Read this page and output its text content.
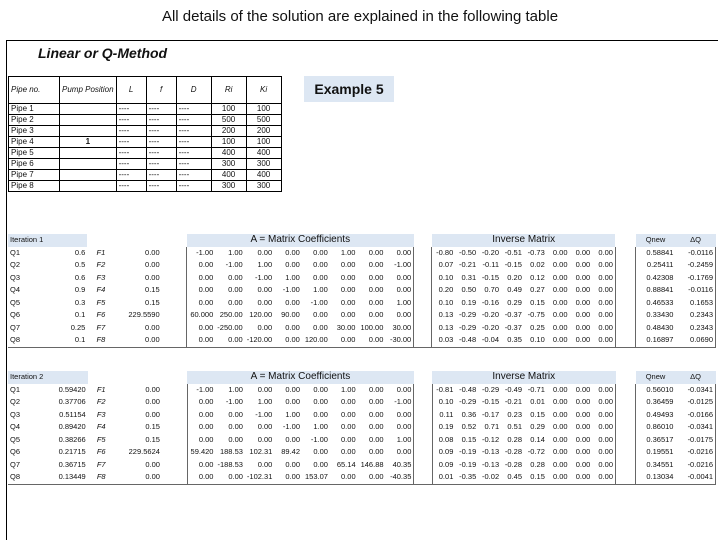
All details of the solution are explained in the following table
Linear or Q-Method
Example 5
Pipe no.	Pump Position	L	f	D	Ri	Ki
Pipe 1		----	----	----	100	100
Pipe 2		----	----	----	500	500
Pipe 3		----	----	----	200	200
Pipe 4	1	----	----	----	100	100
Pipe 5		----	----	----	400	400
Pipe 6		----	----	----	300	300
Pipe 7		----	----	----	400	400
Pipe 8		----	----	----	300	300
Iteration 1					A = Matrix Coefficients									Inverse Matrix									Qnew	ΔQ
Q1	0.6	F1	0.00		-1.00	1.00	0.00	0.00	0.00	1.00	0.00	0.00		-0.80	-0.50	-0.20	-0.51	-0.73	0.00	0.00	0.00		0.58841	-0.0116
Q2	0.5	F2	0.00		0.00	-1.00	1.00	0.00	0.00	0.00	0.00	-1.00		0.07	-0.21	-0.11	-0.15	0.02	0.00	0.00	0.00		0.25411	-0.2459
Q3	0.6	F3	0.00		0.00	0.00	-1.00	1.00	0.00	0.00	0.00	0.00		0.10	0.31	-0.15	0.20	0.12	0.00	0.00	0.00		0.42308	-0.1769
Q4	0.9	F4	0.15		0.00	0.00	0.00	-1.00	1.00	0.00	0.00	0.00		0.20	0.50	0.70	0.49	0.27	0.00	0.00	0.00		0.88841	-0.0116
Q5	0.3	F5	0.15		0.00	0.00	0.00	0.00	-1.00	0.00	0.00	1.00		0.10	0.19	-0.16	0.29	0.15	0.00	0.00	0.00		0.46533	0.1653
Q6	0.1	F6	229.5590		60.000	250.00	120.00	90.00	0.00	0.00	0.00	0.00		0.13	-0.29	-0.20	-0.37	-0.75	0.00	0.00	0.00		0.33430	0.2343
Q7	0.25	F7	0.00		0.00	-250.00	0.00	0.00	0.00	30.00	100.00	30.00		0.13	-0.29	-0.20	-0.37	0.25	0.00	0.00	0.00		0.48430	0.2343
Q8	0.1	F8	0.00		0.00	0.00	-120.00	0.00	120.00	0.00	0.00	-30.00		0.03	-0.48	-0.04	0.35	0.10	0.00	0.00	0.00		0.16897	0.0690
Iteration 2					A = Matrix Coefficients									Inverse Matrix									Qnew	ΔQ
Q1	0.59420	F1	0.00		-1.00	1.00	0.00	0.00	0.00	1.00	0.00	0.00		-0.81	-0.48	-0.29	-0.49	-0.71	0.00	0.00	0.00		0.56010	-0.0341
Q2	0.37706	F2	0.00		0.00	-1.00	1.00	0.00	0.00	0.00	0.00	-1.00		0.10	-0.29	-0.15	-0.21	0.01	0.00	0.00	0.00		0.36459	-0.0125
Q3	0.51154	F3	0.00		0.00	0.00	-1.00	1.00	0.00	0.00	0.00	0.00		0.11	0.36	-0.17	0.23	0.15	0.00	0.00	0.00		0.49493	-0.0166
Q4	0.89420	F4	0.15		0.00	0.00	0.00	-1.00	1.00	0.00	0.00	0.00		0.19	0.52	0.71	0.51	0.29	0.00	0.00	0.00		0.86010	-0.0341
Q5	0.38266	F5	0.15		0.00	0.00	0.00	0.00	-1.00	0.00	0.00	1.00		0.08	0.15	-0.12	0.28	0.14	0.00	0.00	0.00		0.36517	-0.0175
Q6	0.21715	F6	229.5624		59.420	188.53	102.31	89.42	0.00	0.00	0.00	0.00		0.09	-0.19	-0.13	-0.28	-0.72	0.00	0.00	0.00		0.19551	-0.0216
Q7	0.36715	F7	0.00		0.00	-188.53	0.00	0.00	0.00	65.14	146.88	40.35		0.09	-0.19	-0.13	-0.28	0.28	0.00	0.00	0.00		0.34551	-0.0216
Q8	0.13449	F8	0.00		0.00	0.00	-102.31	0.00	153.07	0.00	0.00	-40.35		0.01	-0.35	-0.02	0.45	0.15	0.00	0.00	0.00		0.13034	-0.0041
